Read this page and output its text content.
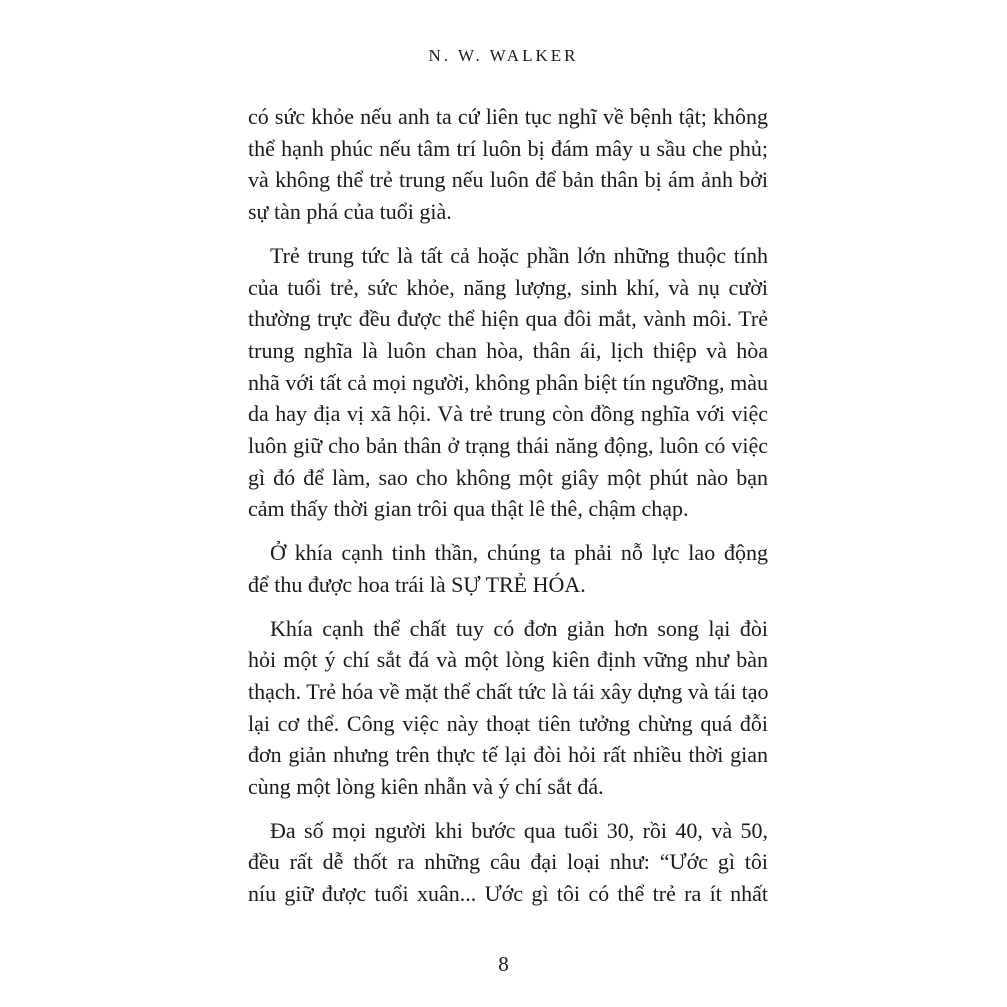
N. W. WALKER

có sức khỏe nếu anh ta cứ liên tục nghĩ về bệnh tật; không
thể hạnh phúc nếu tâm trí luôn bị đám mây u sầu che phủ;
và không thể trẻ trung nếu luôn để bản thân bị ám ảnh bởi
sự tàn phá của tuổi già.

Trẻ trung tức là tất cả hoặc phần lớn những thuộc tính
của tuổi trẻ, sức khỏe, năng lượng, sinh khí, và nụ cười
thường trực đều được thể hiện qua đôi mắt, vành môi. Trẻ
trung nghĩa là luôn chan hòa, thân ái, lịch thiệp và hòa
nhã với tất cả mọi người, không phân biệt tín ngưỡng, màu
da hay địa vị xã hội. Và trẻ trung còn đồng nghĩa với việc
luôn giữ cho bản thân ở trạng thái năng động, luôn có việc
gì đó để làm, sao cho không một giây một phút nào bạn
cảm thấy thời gian trôi qua thật lê thê, chậm chạp.

Ở khía cạnh tinh thần, chúng ta phải nỗ lực lao động
để thu được hoa trái là SỰ TRẺ HÓA.

Khía cạnh thể chất tuy có đơn giản hơn song lại đòi
hỏi một ý chí sắt đá và một lòng kiên định vững như bàn
thạch. Trẻ hóa về mặt thể chất tức là tái xây dựng và tái tạo
lại cơ thể. Công việc này thoạt tiên tưởng chừng quá đỗi
đơn giản nhưng trên thực tế lại đòi hỏi rất nhiều thời gian
cùng một lòng kiên nhẫn và ý chí sắt đá.

Đa số mọi người khi bước qua tuổi 30, rồi 40, và 50,
đều rất dễ thốt ra những câu đại loại như: “Ước gì tôi
níu giữ được tuổi xuân... Ước gì tôi có thể trẻ ra ít nhất

8
